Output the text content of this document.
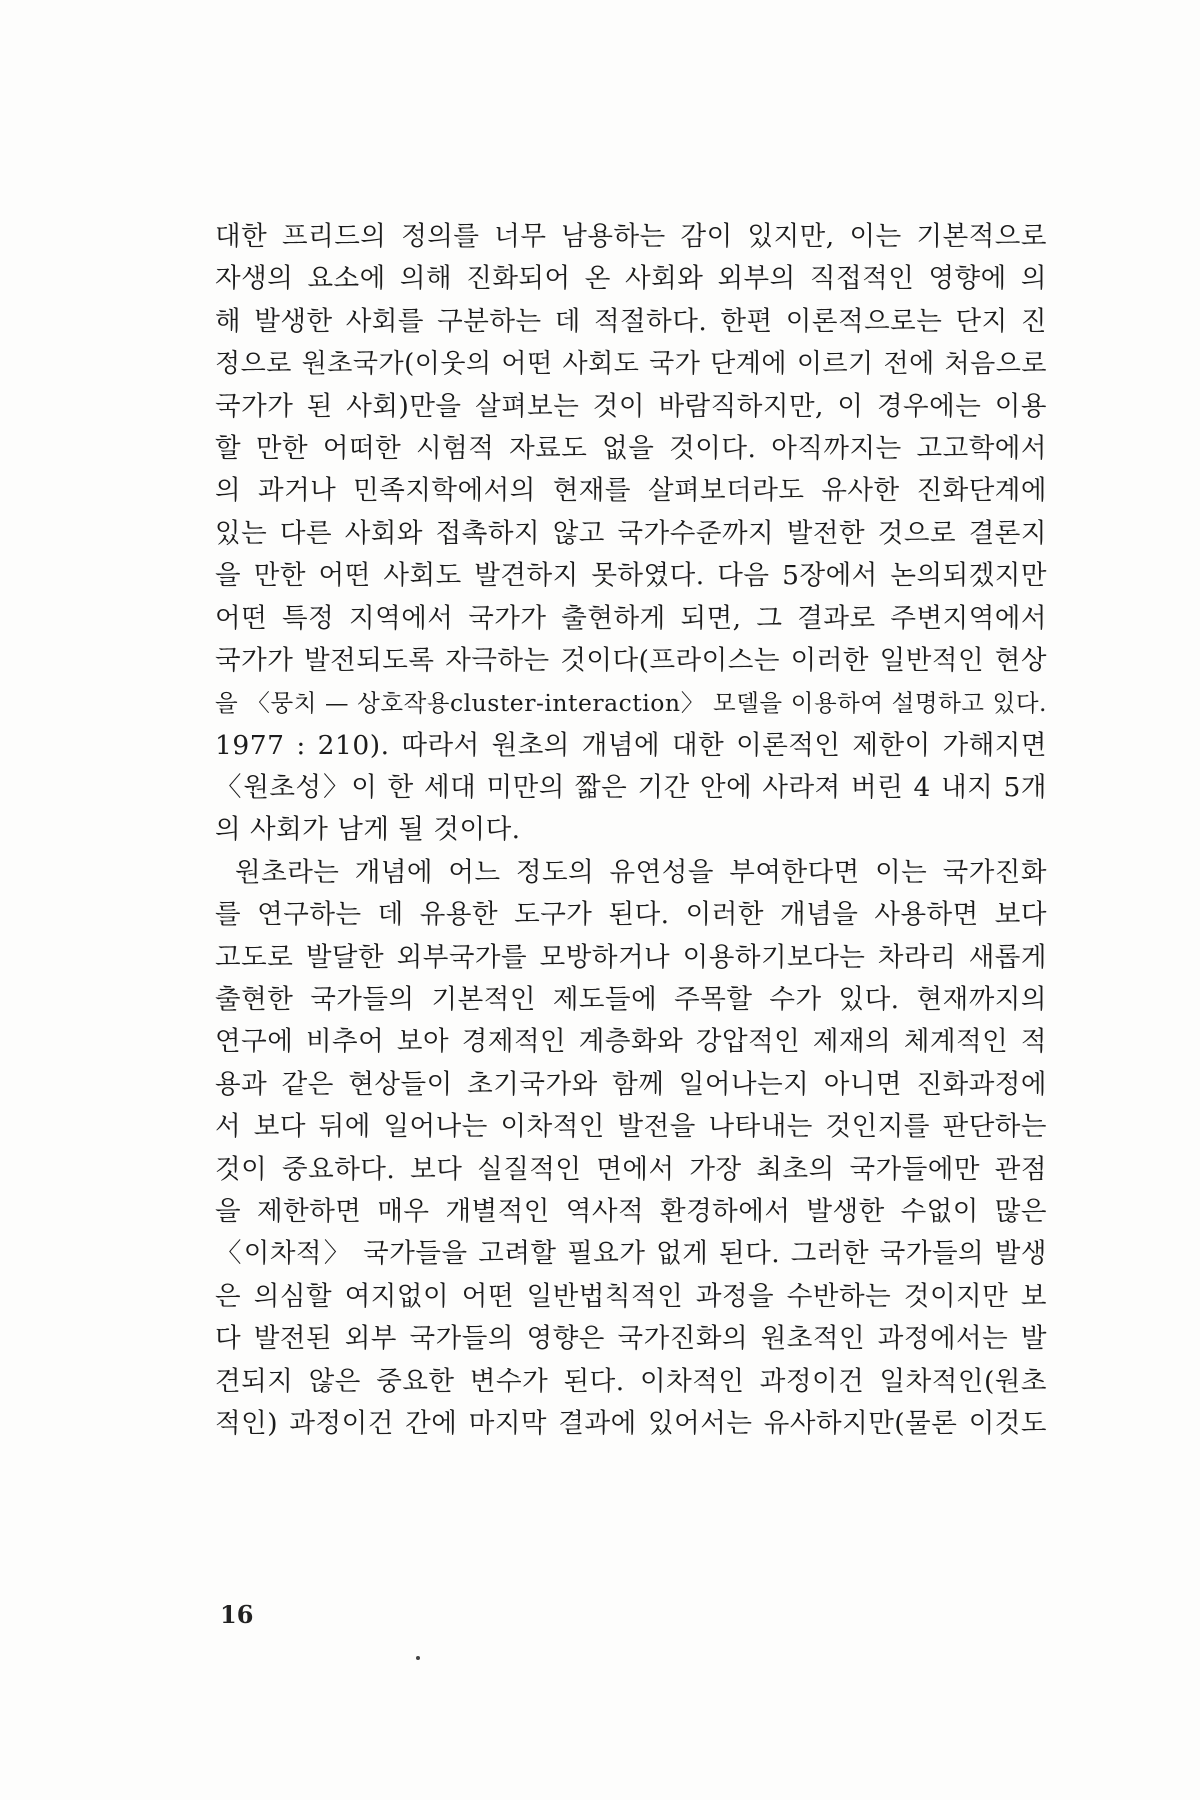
대한 프리드의 정의를 너무 남용하는 감이 있지만, 이는 기본적으로
자생의 요소에 의해 진화되어 온 사회와 외부의 직접적인 영향에 의
해 발생한 사회를 구분하는 데 적절하다. 한편 이론적으로는 단지 진
정으로 원초국가(이웃의 어떤 사회도 국가 단계에 이르기 전에 처음으로
국가가 된 사회)만을 살펴보는 것이 바람직하지만, 이 경우에는 이용
할 만한 어떠한 시험적 자료도 없을 것이다. 아직까지는 고고학에서
의 과거나 민족지학에서의 현재를 살펴보더라도 유사한 진화단계에
있는 다른 사회와 접촉하지 않고 국가수준까지 발전한 것으로 결론지
을 만한 어떤 사회도 발견하지 못하였다. 다음 5장에서 논의되겠지만
어떤 특정 지역에서 국가가 출현하게 되면, 그 결과로 주변지역에서
국가가 발전되도록 자극하는 것이다(프라이스는 이러한 일반적인 현상
을 〈뭉치 — 상호작용cluster-interaction〉 모델을 이용하여 설명하고 있다.
1977 : 210). 따라서 원초의 개념에 대한 이론적인 제한이 가해지면
〈원초성〉이 한 세대 미만의 짧은 기간 안에 사라져 버린 4 내지 5개
의 사회가 남게 될 것이다.
원초라는 개념에 어느 정도의 유연성을 부여한다면 이는 국가진화
를 연구하는 데 유용한 도구가 된다. 이러한 개념을 사용하면 보다
고도로 발달한 외부국가를 모방하거나 이용하기보다는 차라리 새롭게
출현한 국가들의 기본적인 제도들에 주목할 수가 있다. 현재까지의
연구에 비추어 보아 경제적인 계층화와 강압적인 제재의 체계적인 적
용과 같은 현상들이 초기국가와 함께 일어나는지 아니면 진화과정에
서 보다 뒤에 일어나는 이차적인 발전을 나타내는 것인지를 판단하는
것이 중요하다. 보다 실질적인 면에서 가장 최초의 국가들에만 관점
을 제한하면 매우 개별적인 역사적 환경하에서 발생한 수없이 많은
〈이차적〉 국가들을 고려할 필요가 없게 된다. 그러한 국가들의 발생
은 의심할 여지없이 어떤 일반법칙적인 과정을 수반하는 것이지만 보
다 발전된 외부 국가들의 영향은 국가진화의 원초적인 과정에서는 발
견되지 않은 중요한 변수가 된다. 이차적인 과정이건 일차적인(원초
적인) 과정이건 간에 마지막 결과에 있어서는 유사하지만(물론 이것도
16
